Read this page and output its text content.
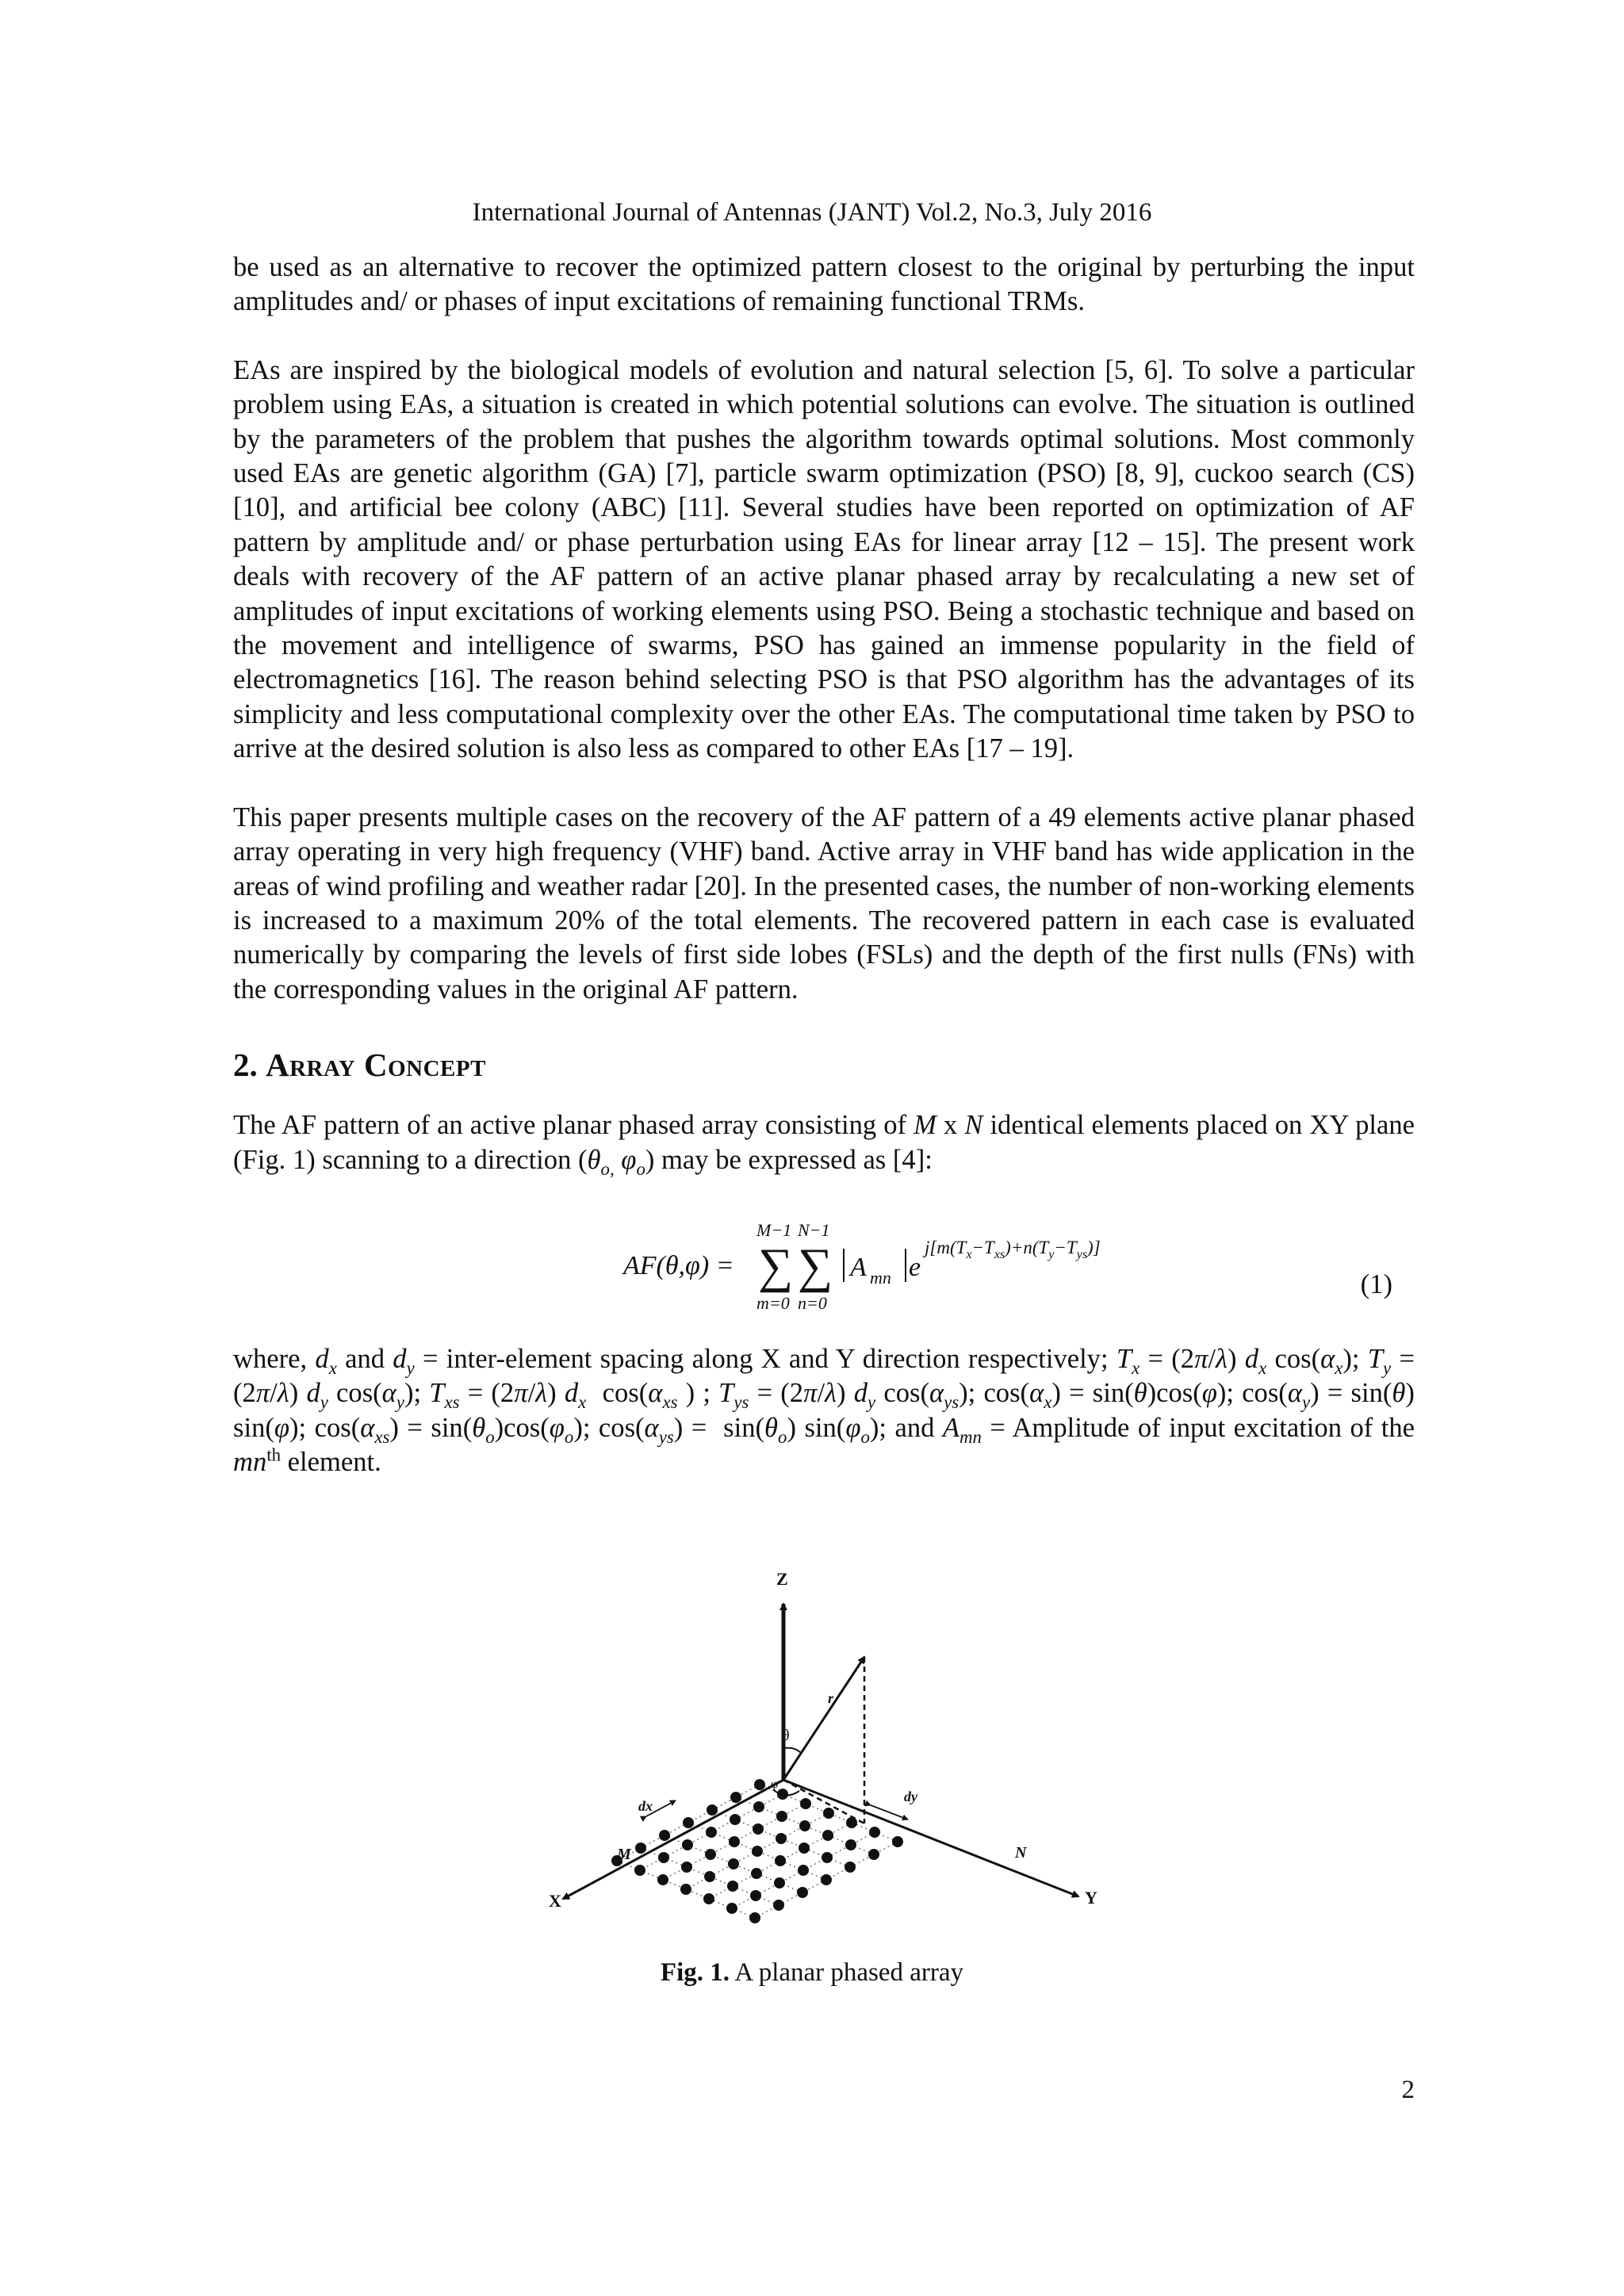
International Journal of Antennas (JANT) Vol.2, No.3, July 2016

be used as an alternative to recover the optimized pattern closest to the original by perturbing the input amplitudes and/ or phases of input excitations of remaining functional TRMs.

EAs are inspired by the biological models of evolution and natural selection [5, 6]. To solve a particular problem using EAs, a situation is created in which potential solutions can evolve. The situation is outlined by the parameters of the problem that pushes the algorithm towards optimal solutions. Most commonly used EAs are genetic algorithm (GA) [7], particle swarm optimization (PSO) [8, 9], cuckoo search (CS) [10], and artificial bee colony (ABC) [11]. Several studies have been reported on optimization of AF pattern by amplitude and/ or phase perturbation using EAs for linear array [12 – 15]. The present work deals with recovery of the AF pattern of an active planar phased array by recalculating a new set of amplitudes of input excitations of working elements using PSO. Being a stochastic technique and based on the movement and intelligence of swarms, PSO has gained an immense popularity in the field of electromagnetics [16]. The reason behind selecting PSO is that PSO algorithm has the advantages of its simplicity and less computational complexity over the other EAs. The computational time taken by PSO to arrive at the desired solution is also less as compared to other EAs [17 – 19].

This paper presents multiple cases on the recovery of the AF pattern of a 49 elements active planar phased array operating in very high frequency (VHF) band. Active array in VHF band has wide application in the areas of wind profiling and weather radar [20]. In the presented cases, the number of non-working elements is increased to a maximum 20% of the total elements. The recovered pattern in each case is evaluated numerically by comparing the levels of first side lobes (FSLs) and the depth of the first nulls (FNs) with the corresponding values in the original AF pattern.

2. Array Concept

The AF pattern of an active planar phased array consisting of M x N identical elements placed on XY plane (Fig. 1) scanning to a direction ($\theta_{o,}$ $\varphi_o$) may be expressed as [4]:

AF(θ,φ) =
M−1 N−1
∑ ∑
m=0 n=0
A mn e
$j[m(T_x-T_{xs})+n(T_y-T_{ys})]$
(1)

where, $d_x$ and $d_y$ = inter-element spacing along X and Y direction respectively; $T_x = (2\pi/\lambda)$ $d_x$ $\cos(\alpha_x)$; $T_y = (2\pi/\lambda)$ $d_y$ $\cos(\alpha_y)$; $T_{xs} = (2\pi/\lambda)$ $d_x$  $\cos(\alpha_{xs}$ ) ; $T_{ys} = (2\pi/\lambda)$ $d_y$ $\cos(\alpha_{ys})$; $\cos(\alpha_x) = \sin(\theta)\cos(\varphi)$; $\cos(\alpha_y) = \sin(\theta)$ sin(φ); $\cos(\alpha_{xs}) = \sin(\theta_o)\cos(\varphi_o)$; $\cos(\alpha_{ys}) = \sin(\theta_o)$ $\sin(\varphi_o)$; and $A_{mn}$ = Amplitude of input excitation of the $mn^{th}$ element.

Z
X	Y
M	N
r
dx
dy
θ
φ
Fig. 1. A planar phased array
2
